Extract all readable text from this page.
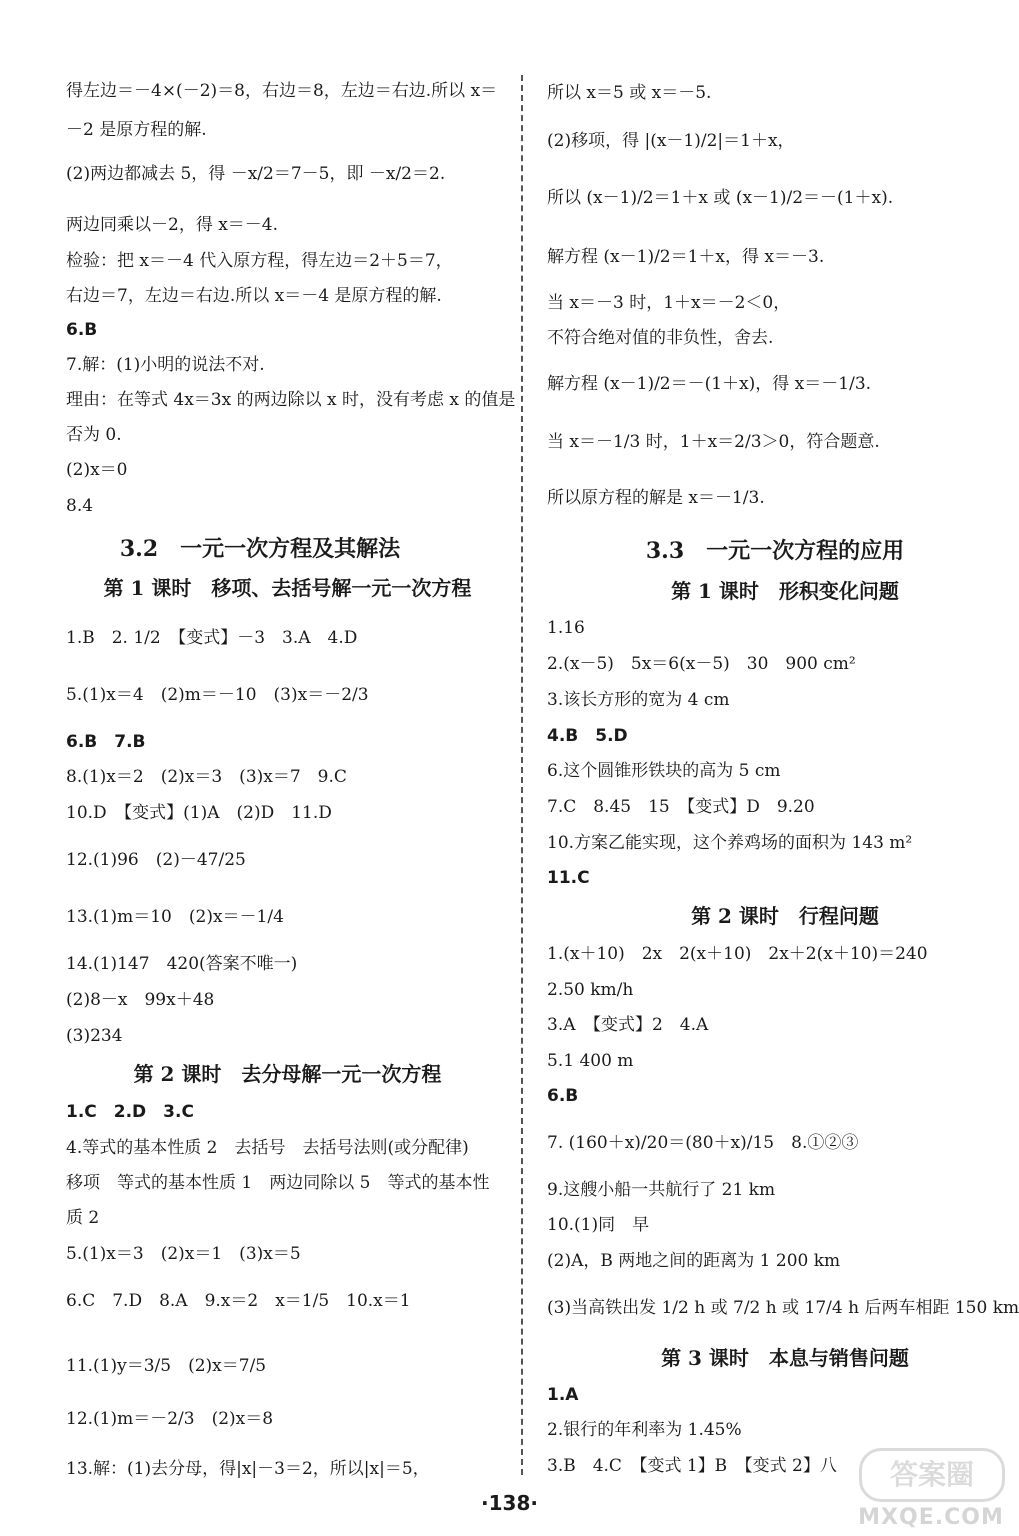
得左边＝－4×(－2)＝8，右边＝8，左边＝右边.所以 x＝
－2 是原方程的解.
(2)两边都减去 5，得 －x/2＝7－5，即 －x/2＝2.
两边同乘以－2，得 x＝－4.
检验：把 x＝－4 代入原方程，得左边＝2＋5＝7，
右边＝7，左边＝右边.所以 x＝－4 是原方程的解.
6.B
7.解：(1)小明的说法不对.
理由：在等式 4x＝3x 的两边除以 x 时，没有考虑 x 的值是
否为 0.
(2)x＝0
8.4
3.2　一元一次方程及其解法
第 1 课时　移项、去括号解一元一次方程
1.B　2. 1/2　【变式】－3　3.A　4.D
5.(1)x＝4　(2)m＝－10　(3)x＝－2/3
6.B　7.B
8.(1)x＝2　(2)x＝3　(3)x＝7　9.C
10.D　【变式】(1)A　(2)D　11.D
12.(1)96　(2)－47/25
13.(1)m＝10　(2)x＝－1/4
14.(1)147　420(答案不唯一)
(2)8－x　99x＋48
(3)234
第 2 课时　去分母解一元一次方程
1.C　2.D　3.C
4.等式的基本性质 2　去括号　去括号法则(或分配律)
移项　等式的基本性质 1　两边同除以 5　等式的基本性
质 2
5.(1)x＝3　(2)x＝1　(3)x＝5
6.C　7.D　8.A　9.x＝2　x＝1/5　10.x＝1
11.(1)y＝3/5　(2)x＝7/5
12.(1)m＝－2/3　(2)x＝8
13.解：(1)去分母，得|x|－3＝2，所以|x|＝5，
所以 x＝5 或 x＝－5.
(2)移项，得 |(x－1)/2|＝1＋x，
所以 (x－1)/2＝1＋x 或 (x－1)/2＝－(1＋x).
解方程 (x－1)/2＝1＋x，得 x＝－3.
当 x＝－3 时，1＋x＝－2＜0，
不符合绝对值的非负性，舍去.
解方程 (x－1)/2＝－(1＋x)，得 x＝－1/3.
当 x＝－1/3 时，1＋x＝2/3＞0，符合题意.
所以原方程的解是 x＝－1/3.
3.3　一元一次方程的应用
第 1 课时　形积变化问题
1.16
2.(x－5)　5x＝6(x－5)　30　900 cm²
3.该长方形的宽为 4 cm
4.B　5.D
6.这个圆锥形铁块的高为 5 cm
7.C　8.45　15　【变式】D　9.20
10.方案乙能实现，这个养鸡场的面积为 143 m²
11.C
第 2 课时　行程问题
1.(x＋10)　2x　2(x＋10)　2x＋2(x＋10)＝240
2.50 km/h
3.A　【变式】2　4.A
5.1 400 m
6.B
7. (160＋x)/20＝(80＋x)/15　8.①②③
9.这艘小船一共航行了 21 km
10.(1)同　早
(2)A，B 两地之间的距离为 1 200 km
(3)当高铁出发 1/2 h 或 7/2 h 或 17/4 h 后两车相距 150 km
第 3 课时　本息与销售问题
1.A
2.银行的年利率为 1.45%
3.B　4.C　【变式 1】B　【变式 2】八
·138·
答案圈
MXQE.COM
